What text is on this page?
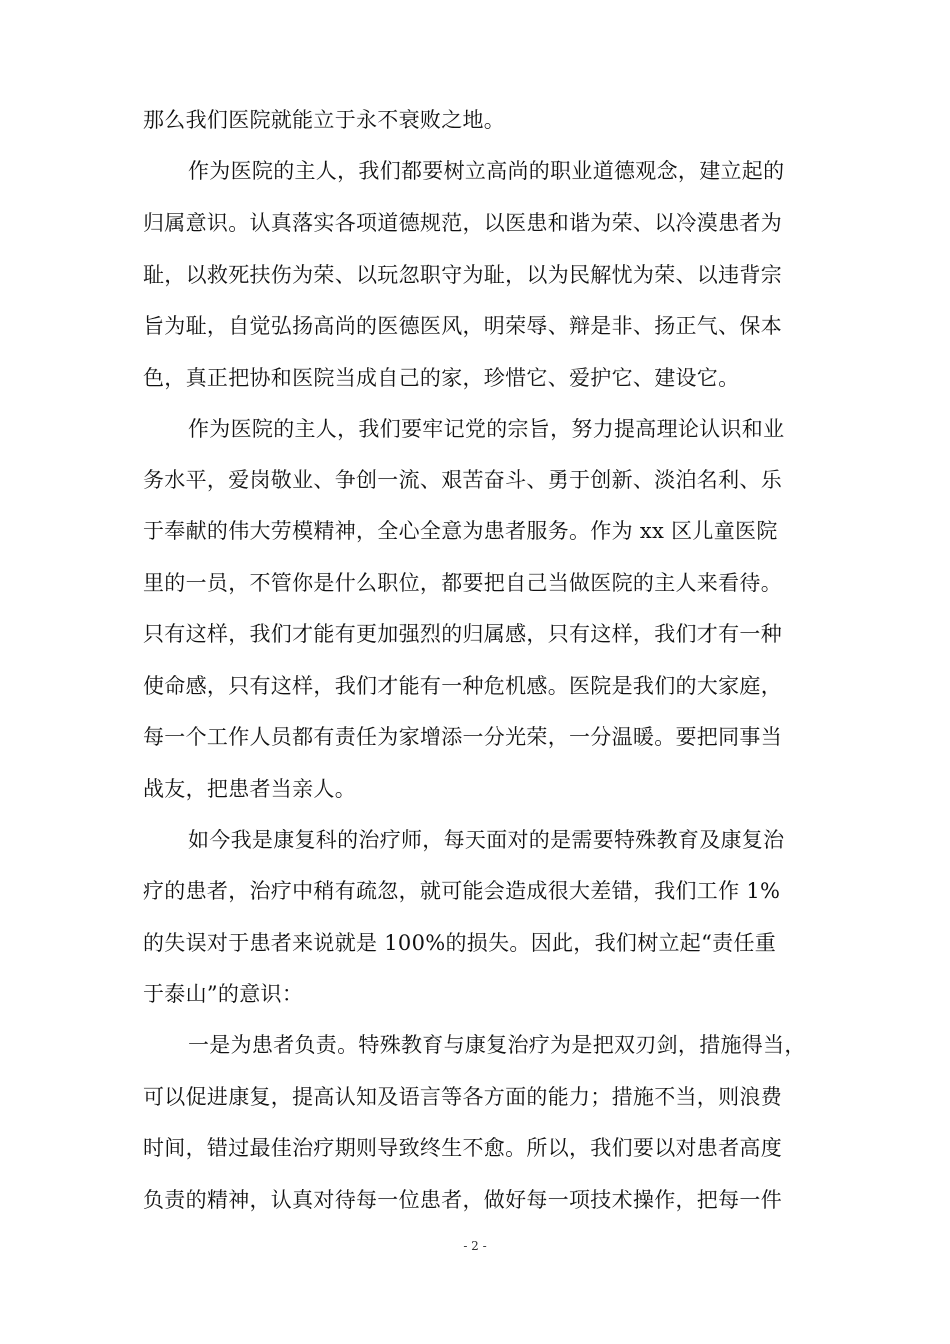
那么我们医院就能立于永不衰败之地。
作为医院的主人，我们都要树立高尚的职业道德观念，建立起的
归属意识。认真落实各项道德规范，以医患和谐为荣、以冷漠患者为
耻，以救死扶伤为荣、以玩忽职守为耻，以为民解忧为荣、以违背宗
旨为耻，自觉弘扬高尚的医德医风，明荣辱、辩是非、扬正气、保本
色，真正把协和医院当成自己的家，珍惜它、爱护它、建设它。
作为医院的主人，我们要牢记党的宗旨，努力提高理论认识和业
务水平，爱岗敬业、争创一流、艰苦奋斗、勇于创新、淡泊名利、乐
于奉献的伟大劳模精神，全心全意为患者服务。作为 xx 区儿童医院
里的一员，不管你是什么职位，都要把自己当做医院的主人来看待。
只有这样，我们才能有更加强烈的归属感，只有这样，我们才有一种
使命感，只有这样，我们才能有一种危机感。医院是我们的大家庭，
每一个工作人员都有责任为家增添一分光荣，一分温暖。要把同事当
战友，把患者当亲人。
如今我是康复科的治疗师，每天面对的是需要特殊教育及康复治
疗的患者，治疗中稍有疏忽，就可能会造成很大差错，我们工作 1%
的失误对于患者来说就是 100%的损失。因此，我们树立起“责任重
于泰山”的意识：
一是为患者负责。特殊教育与康复治疗为是把双刃剑，措施得当，
可以促进康复，提高认知及语言等各方面的能力；措施不当，则浪费
时间，错过最佳治疗期则导致终生不愈。所以，我们要以对患者高度
负责的精神，认真对待每一位患者，做好每一项技术操作，把每一件
- 2 -
